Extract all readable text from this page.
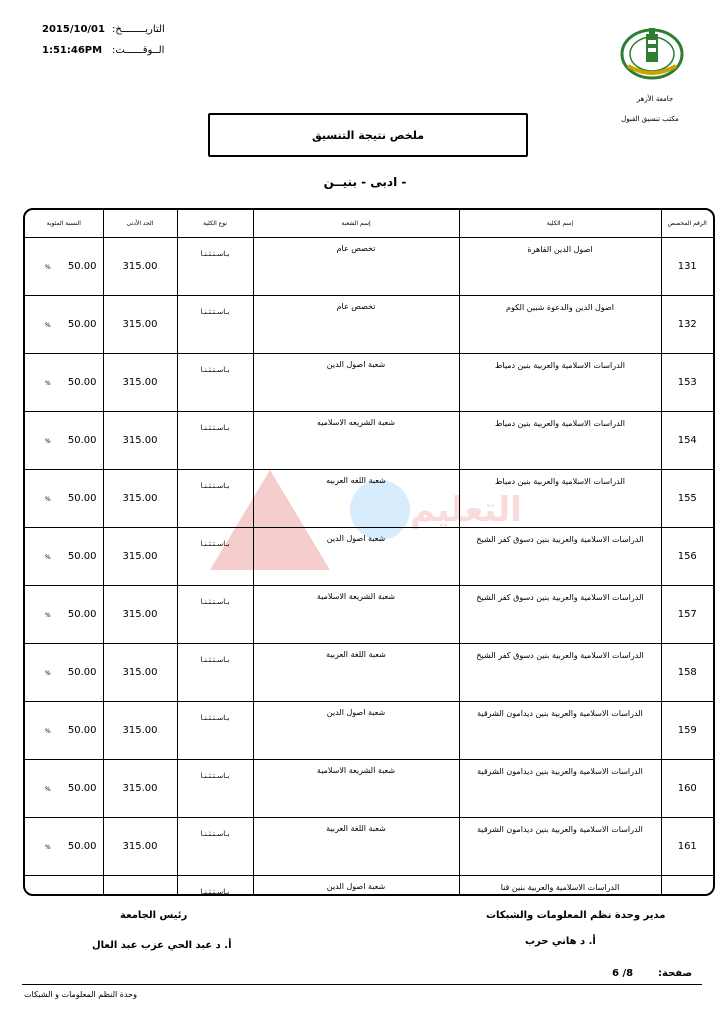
2015/10/01 التاريــــــــخ:
1:51:46PM الــوقــــــت:
جامعة الأزهر
مكتب تنسيق القبول
ملخص نتيجة التنسيق
- ادبى - بنيــن
التعليم
النسبة المئوية	الحد الأدنى	نوع الكلية	إسم الشعبة	إسم الكلية	الرقم المخصص

% 50.00	315.00	بـاسـتـثـنـا	تخصص عام	اصول الدين القاهرة	131

% 50.00	315.00	بـاسـتـثـنـا	تخصص عام	اصول الدين والدعوة شبين الكوم	132

% 50.00	315.00	بـاسـتـثـنـا	شعبة اصول الدين	الدراسات الاسلامية والعربية بنين دمياط	153

% 50.00	315.00	بـاسـتـثـنـا	شعبة الشريعه الاسلاميه	الدراسات الاسلامية والعربية بنين دمياط	154

% 50.00	315.00	بـاسـتـثـنـا	شعبة اللغه العربيه	الدراسات الاسلامية والعربية بنين دمياط	155

% 50.00	315.00	بـاسـتـثـنـا	شعبة اصول الدين	الدراسات الاسلامية والعربية بنين دسوق كفر الشيخ	156

% 50.00	315.00	بـاسـتـثـنـا	شعبة الشريعة الاسلامية	الدراسات الاسلامية والعربية بنين دسوق كفر الشيخ	157

% 50.00	315.00	بـاسـتـثـنـا	شعبة اللغة العربية	الدراسات الاسلامية والعربية بنين دسوق كفر الشيخ	158

% 50.00	315.00	بـاسـتـثـنـا	شعبة اصول الدين	الدراسات الاسلامية والعربية بنين ديدامون الشرقية	159

% 50.00	315.00	بـاسـتـثـنـا	شعبة الشريعة الاسلامية	الدراسات الاسلامية والعربية بنين ديدامون الشرقية	160

% 50.00	315.00	بـاسـتـثـنـا	شعبة اللغة العربية	الدراسات الاسلامية والعربية بنين ديدامون الشرقية	161

		بـاسـتـثـنـا	شعبة اصول الدين	الدراسات الاسلامية والعربية بنين قنا	

رئيس الجامعة
أ. د عبد الحي عزب عبد العال
مدير وحدة نظم المعلومات والشبكات
أ. د هاني حرب
6 /8 صفحة:
وحدة النظم المعلومات و الشبكات
